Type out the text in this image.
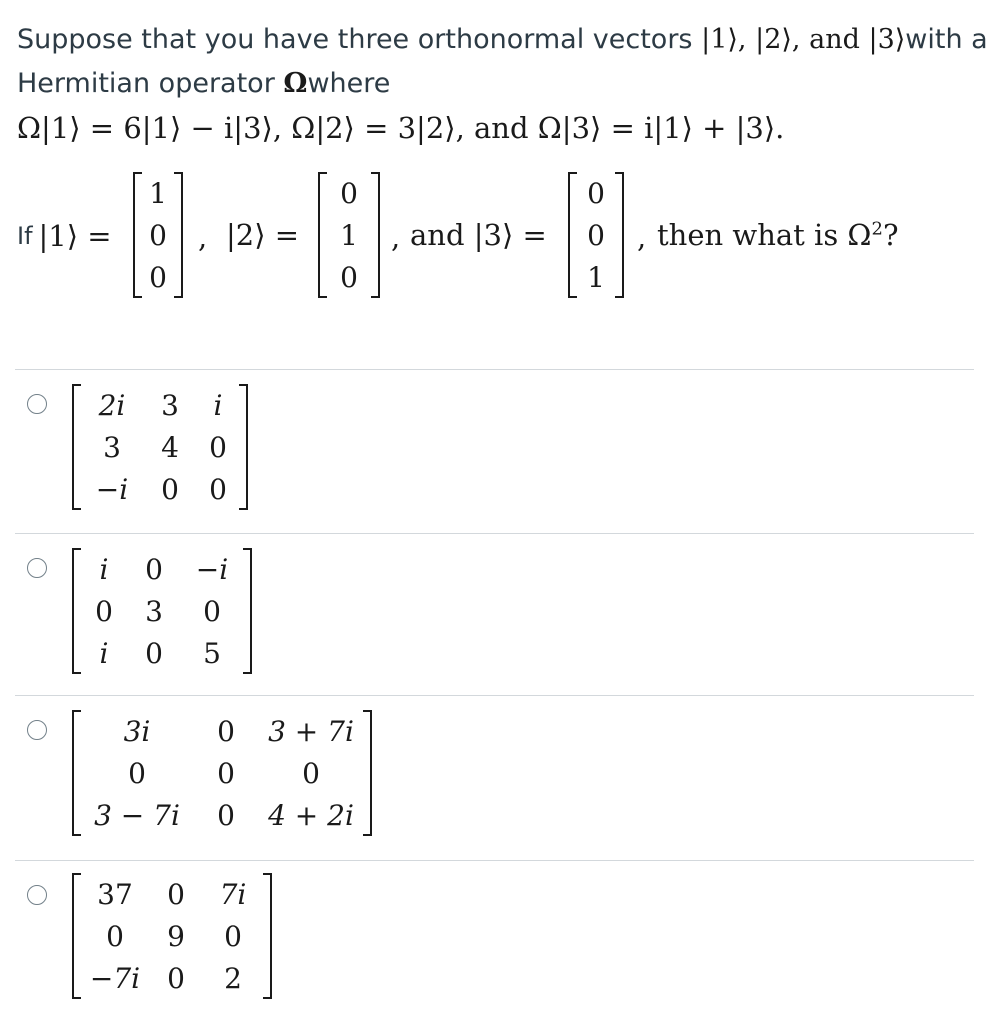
Suppose that you have three orthonormal vectors |1⟩, |2⟩, and |3⟩with a
Hermitian operator Ωwhere
Ω|1⟩ = 6|1⟩ − i|3⟩, Ω|2⟩ = 3|2⟩, and Ω|3⟩ = i|1⟩ + |3⟩.
If |1⟩ =
1
0
0
, |2⟩ =
0
1
0
, and |3⟩ =
0
0
1
, then what is $\Omega^2$?
2i 3 i
3 4 0
−i 0 0
i 0 −i
0 3 0
i 0 5
3i 0 3 + 7i
0	0 0
3 − 7i 0 4 + 2i
37 0 7i
0 9 0
−7i 0 2
